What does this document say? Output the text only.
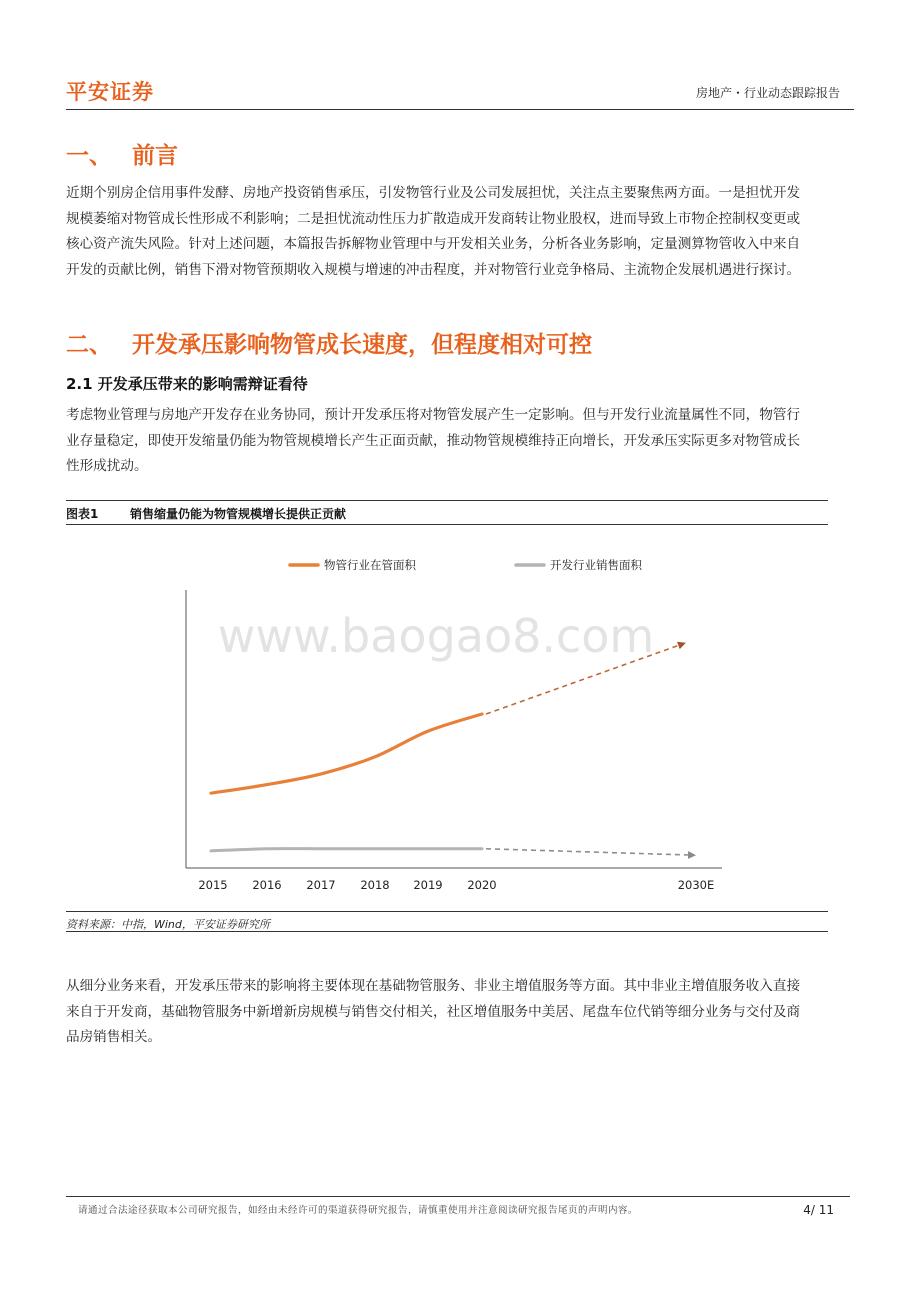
平安证券	房地产・行业动态跟踪报告
一、 前言
近期个别房企信用事件发酵、房地产投资销售承压，引发物管行业及公司发展担忧，关注点主要聚焦两方面。一是担忧开发
规模萎缩对物管成长性形成不利影响；二是担忧流动性压力扩散造成开发商转让物业股权，进而导致上市物企控制权变更或
核心资产流失风险。针对上述问题，本篇报告拆解物业管理中与开发相关业务，分析各业务影响，定量测算物管收入中来自
开发的贡献比例，销售下滑对物管预期收入规模与增速的冲击程度，并对物管行业竞争格局、主流物企发展机遇进行探讨。
二、 开发承压影响物管成长速度，但程度相对可控
2.1 开发承压带来的影响需辩证看待
考虑物业管理与房地产开发存在业务协同，预计开发承压将对物管发展产生一定影响。但与开发行业流量属性不同，物管行
业存量稳定，即使开发缩量仍能为物管规模增长产生正面贡献，推动物管规模维持正向增长，开发承压实际更多对物管成长
性形成扰动。
图表1	销售缩量仍能为物管规模增长提供正贡献
www.baogao8.com
物管行业在管面积	开发行业销售面积
2015 2016 2017 2018 2019 2020	2030E
资料来源：中指，Wind，平安证券研究所
从细分业务来看，开发承压带来的影响将主要体现在基础物管服务、非业主增值服务等方面。其中非业主增值服务收入直接
来自于开发商，基础物管服务中新增新房规模与销售交付相关，社区增值服务中美居、尾盘车位代销等细分业务与交付及商
品房销售相关。
请通过合法途径获取本公司研究报告，如经由未经许可的渠道获得研究报告，请慎重使用并注意阅读研究报告尾页的声明内容。	4/ 11
